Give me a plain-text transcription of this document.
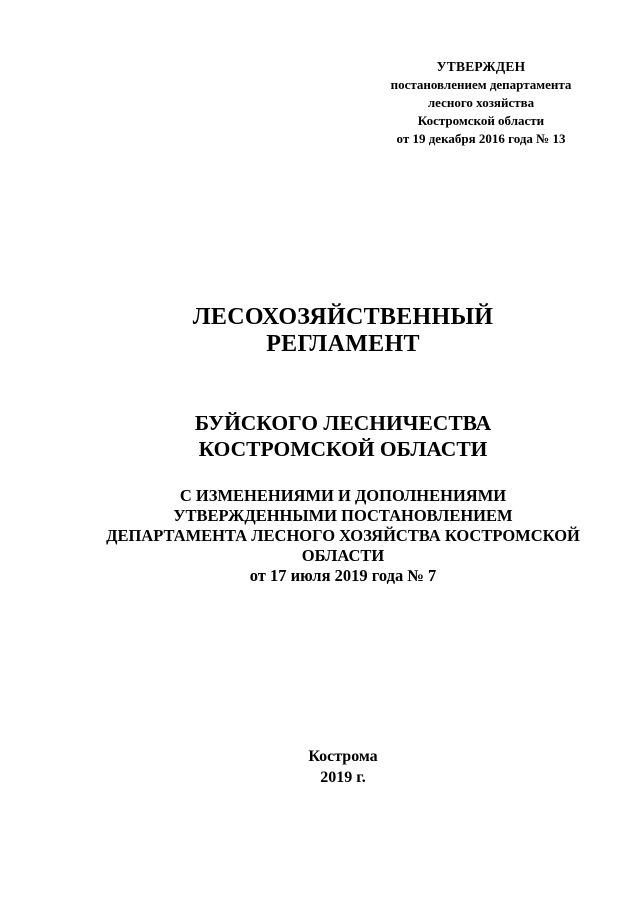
УТВЕРЖДЕН
постановлением департамента
лесного хозяйства
Костромской области
от 19 декабря 2016 года № 13
ЛЕСОХОЗЯЙСТВЕННЫЙ
РЕГЛАМЕНТ
БУЙСКОГО ЛЕСНИЧЕСТВА
КОСТРОМСКОЙ ОБЛАСТИ
С ИЗМЕНЕНИЯМИ И ДОПОЛНЕНИЯМИ
УТВЕРЖДЕННЫМИ ПОСТАНОВЛЕНИЕМ
ДЕПАРТАМЕНТА ЛЕСНОГО ХОЗЯЙСТВА КОСТРОМСКОЙ
ОБЛАСТИ
от 17 июля 2019 года № 7
Кострома
2019 г.
